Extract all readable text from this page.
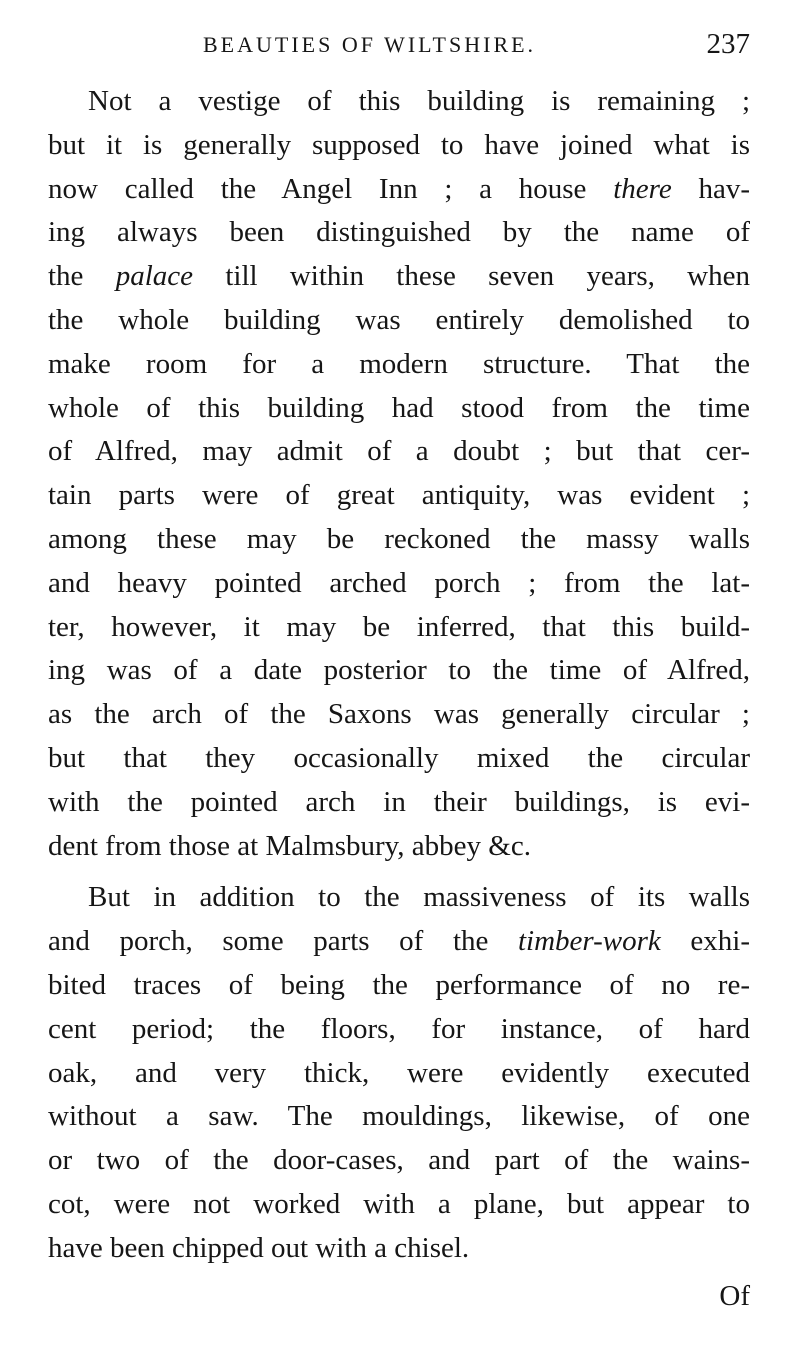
BEAUTIES OF WILTSHIRE.	237
Not a vestige of this building is remaining ;
but it is generally supposed to have joined what is
now called the Angel Inn ; a house there hav-
ing always been distinguished by the name of
the palace till within these seven years, when
the whole building was entirely demolished to
make room for a modern structure. That the
whole of this building had stood from the time
of Alfred, may admit of a doubt ; but that cer-
tain parts were of great antiquity, was evident ;
among these may be reckoned the massy walls
and heavy pointed arched porch ; from the lat-
ter, however, it may be inferred, that this build-
ing was of a date posterior to the time of Alfred,
as the arch of the Saxons was generally circular ;
but that they occasionally mixed the circular
with the pointed arch in their buildings, is evi-
dent from those at Malmsbury, abbey &c.
But in addition to the massiveness of its walls
and porch, some parts of the timber-work exhi-
bited traces of being the performance of no re-
cent period; the floors, for instance, of hard
oak, and very thick, were evidently executed
without a saw. The mouldings, likewise, of one
or two of the door-cases, and part of the wains-
cot, were not worked with a plane, but appear to
have been chipped out with a chisel.
Of
